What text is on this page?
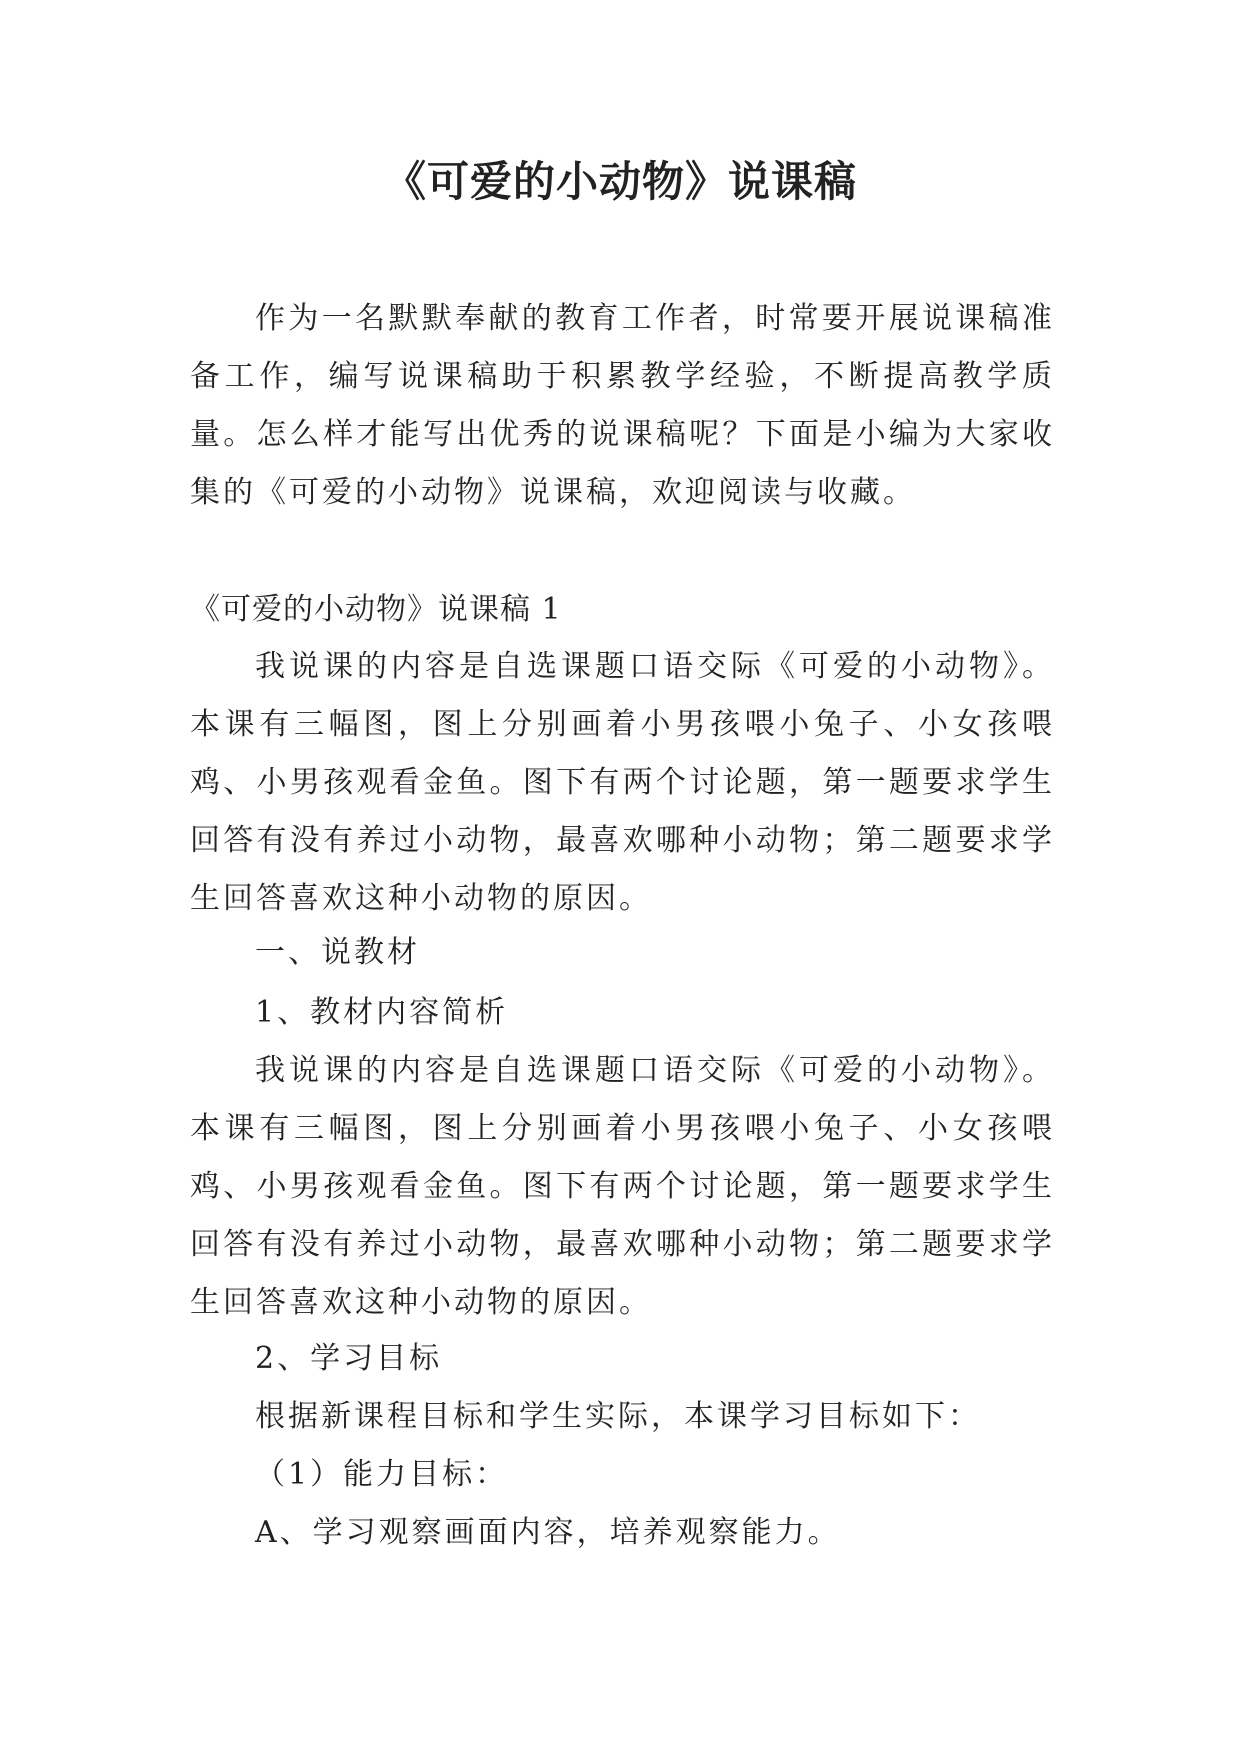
《可爱的小动物》说课稿

作为一名默默奉献的教育工作者，时常要开展说课稿准备工作，编写说课稿助于积累教学经验，不断提高教学质量。怎么样才能写出优秀的说课稿呢？下面是小编为大家收集的《可爱的小动物》说课稿，欢迎阅读与收藏。

《可爱的小动物》说课稿 1

我说课的内容是自选课题口语交际《可爱的小动物》。本课有三幅图，图上分别画着小男孩喂小兔子、小女孩喂鸡、小男孩观看金鱼。图下有两个讨论题，第一题要求学生回答有没有养过小动物，最喜欢哪种小动物；第二题要求学生回答喜欢这种小动物的原因。

一、说教材

1、教材内容简析

我说课的内容是自选课题口语交际《可爱的小动物》。本课有三幅图，图上分别画着小男孩喂小兔子、小女孩喂鸡、小男孩观看金鱼。图下有两个讨论题，第一题要求学生回答有没有养过小动物，最喜欢哪种小动物；第二题要求学生回答喜欢这种小动物的原因。

2、学习目标

根据新课程目标和学生实际，本课学习目标如下：

（1）能力目标：

A、学习观察画面内容，培养观察能力。
